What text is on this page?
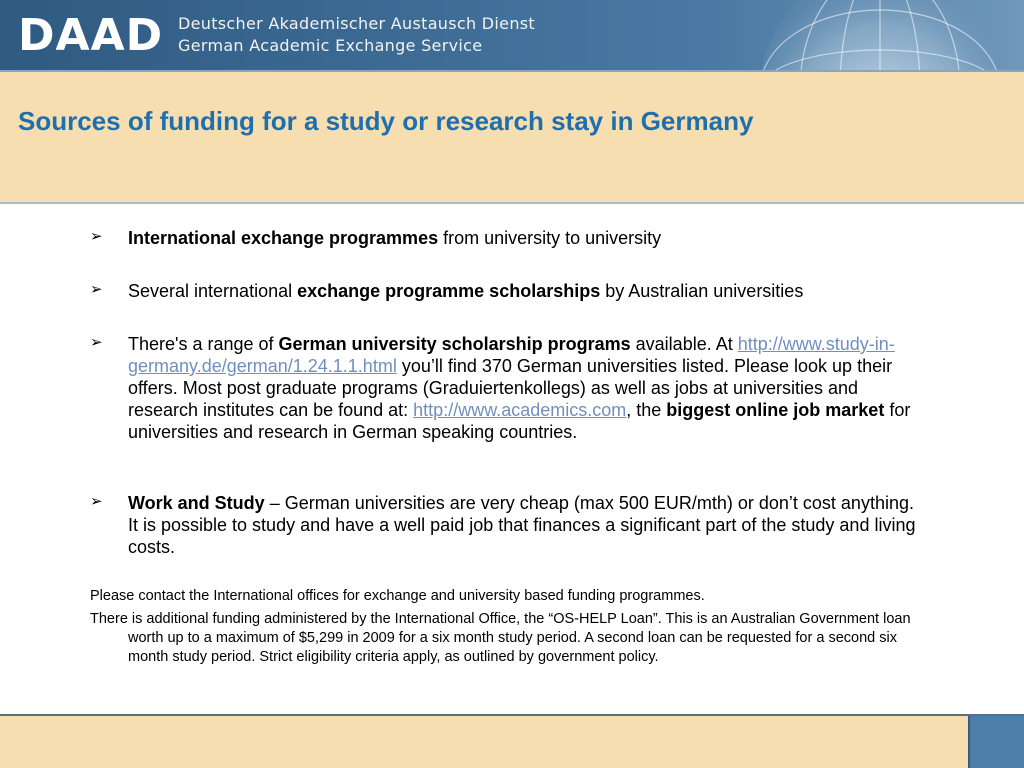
DAAD Deutscher Akademischer Austausch Dienst
German Academic Exchange Service
Sources of funding for a study or research stay in Germany
➢ International exchange programmes from university to university
➢ Several international exchange programme scholarships by Australian universities
➢ There's a range of German university scholarship programs available. At http://www.study-in-germany.de/german/1.24.1.1.html you’ll find 370 German universities listed. Please look up their offers. Most post graduate programs (Graduiertenkollegs) as well as jobs at universities and research institutes can be found at: http://www.academics.com, the biggest online job market for universities and research in German speaking countries.
➢ Work and Study – German universities are very cheap (max 500 EUR/mth) or don’t cost anything. It is possible to study and have a well paid job that finances a significant part of the study and living costs.
Please contact the International offices for exchange and university based funding programmes.
There is additional funding administered by the International Office, the “OS-HELP Loan”. This is an Australian Government loan worth up to a maximum of $5,299 in 2009 for a six month study period. A second loan can be requested for a second six month study period. Strict eligibility criteria apply, as outlined by government policy.
